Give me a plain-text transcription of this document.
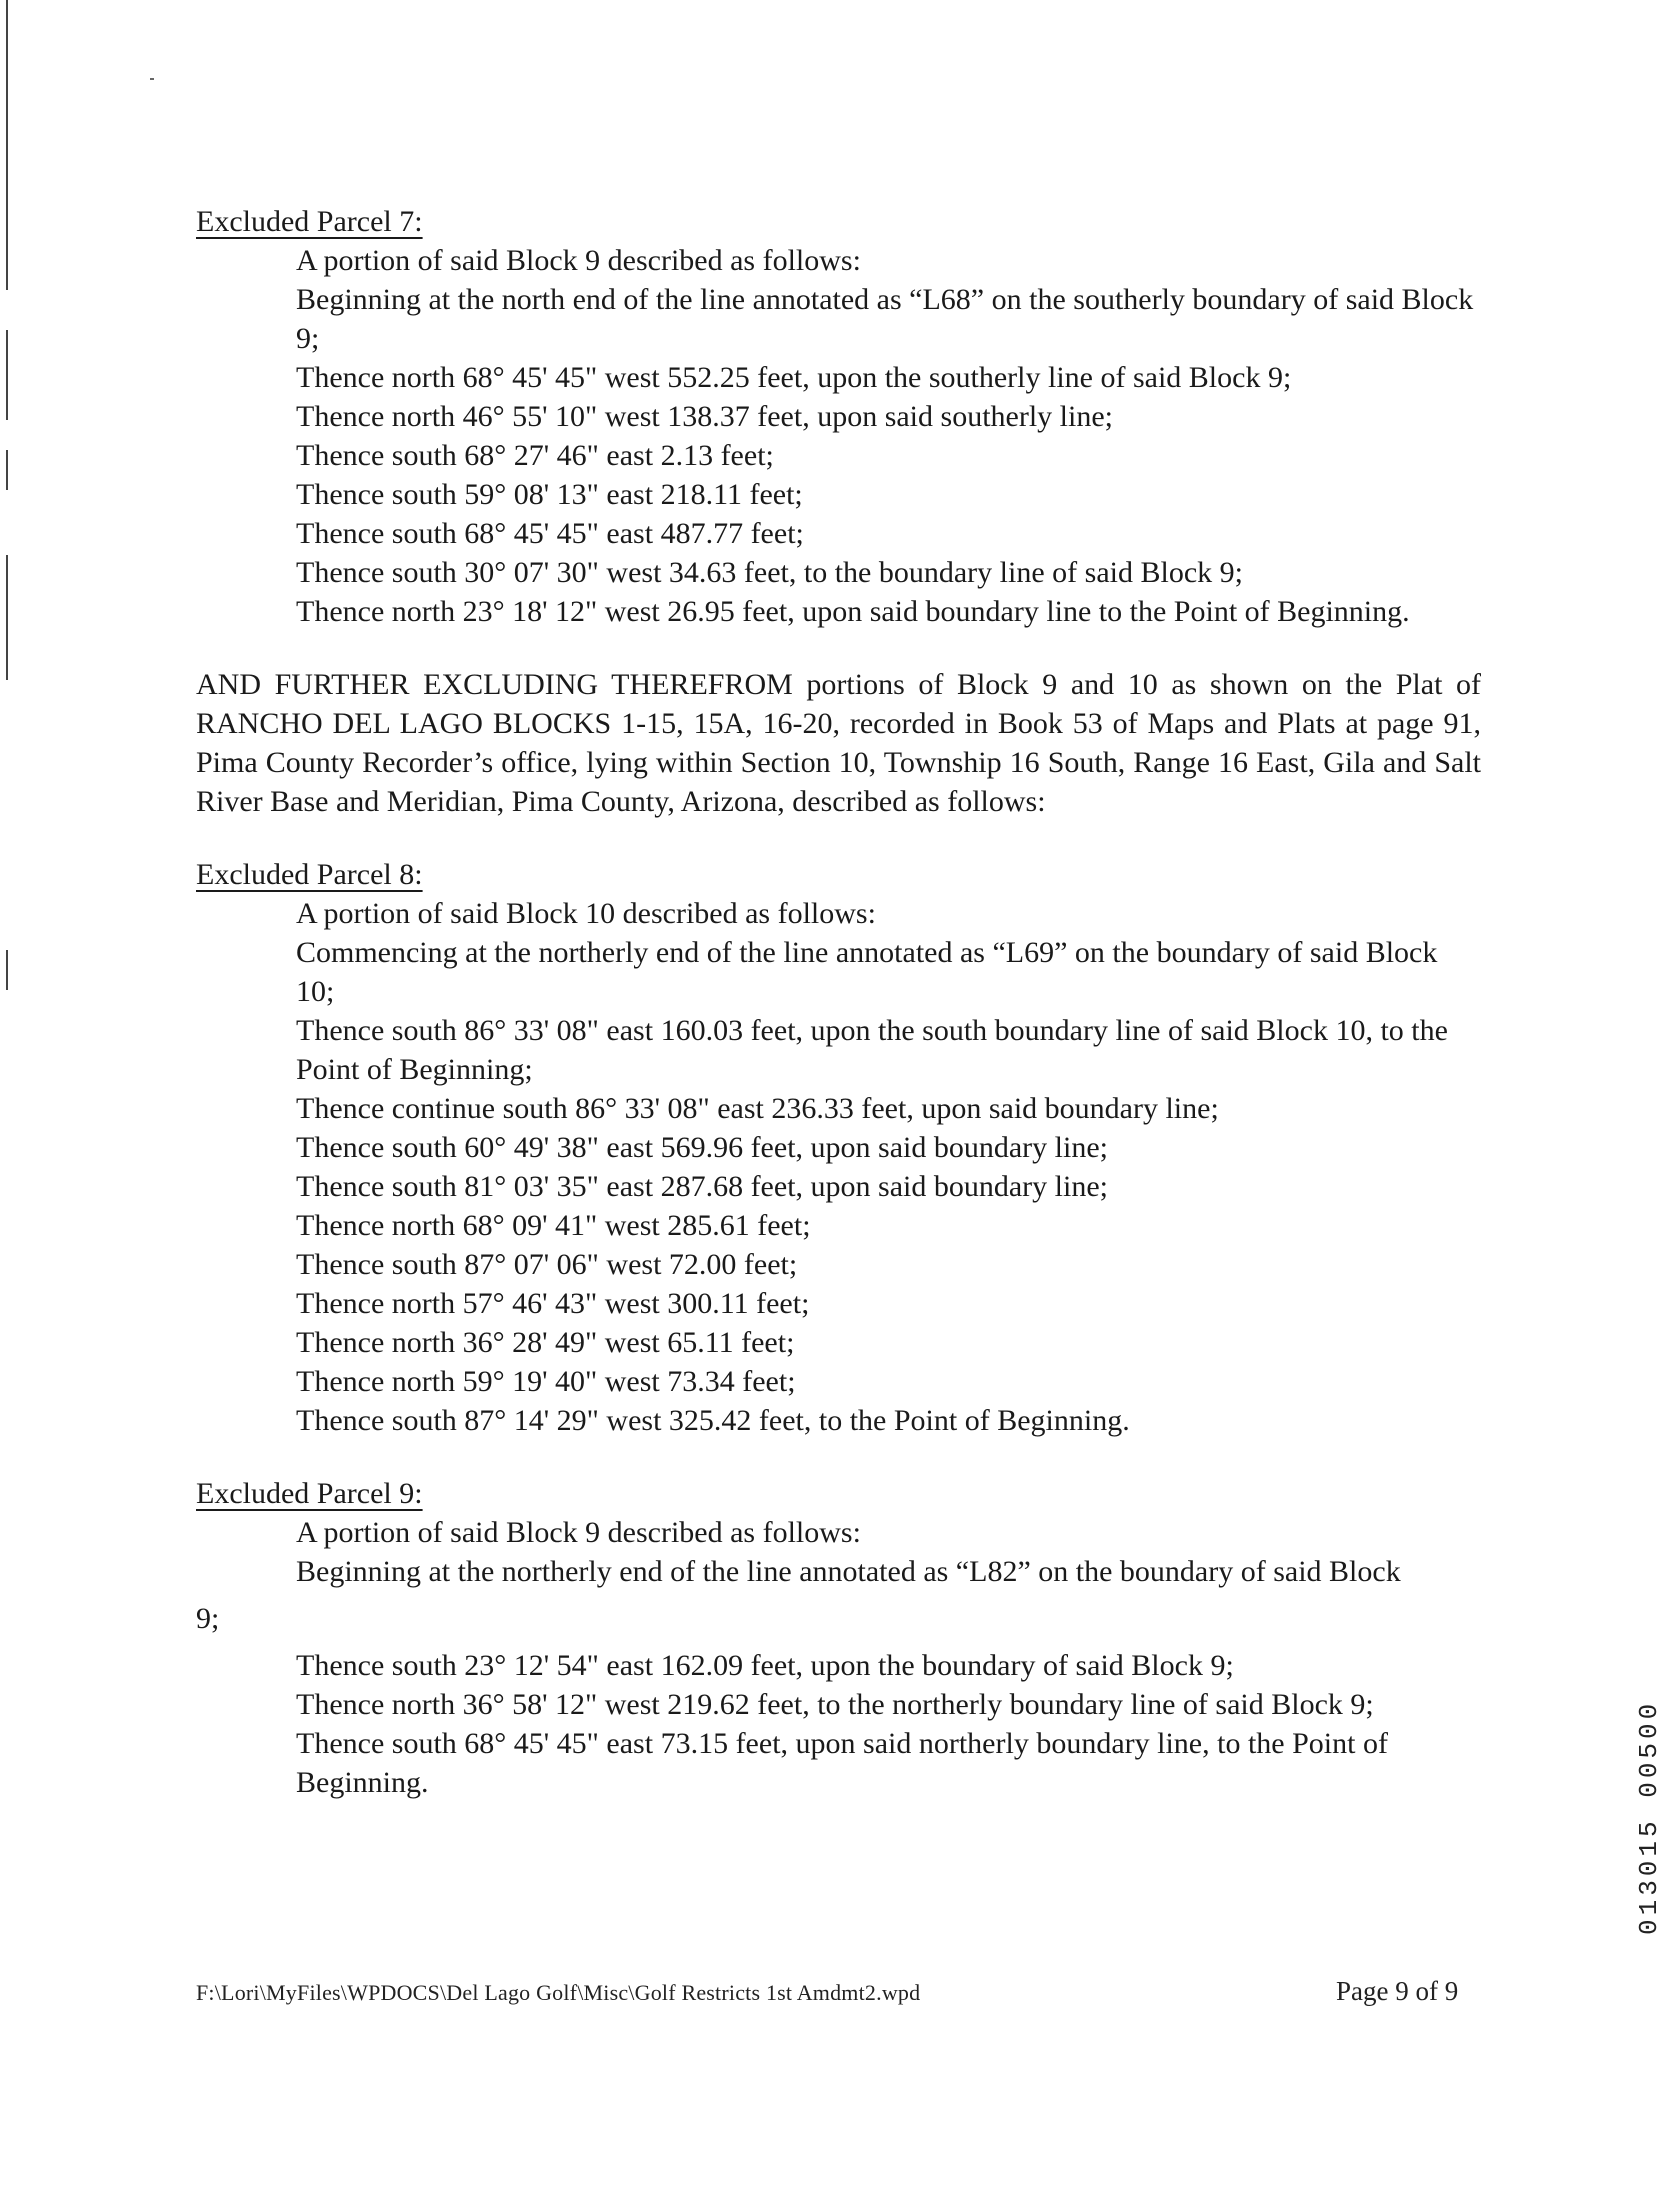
Excluded Parcel 7:

A portion of said Block 9 described as follows:

Beginning at the north end of the line annotated as “L68” on the southerly boundary of said Block 9;

Thence north 68° 45' 45" west 552.25 feet, upon the southerly line of said Block 9;

Thence north 46° 55' 10" west 138.37 feet, upon said southerly line;

Thence south 68° 27' 46" east 2.13 feet;

Thence south 59° 08' 13" east 218.11 feet;

Thence south 68° 45' 45" east 487.77 feet;

Thence south 30° 07' 30" west 34.63 feet, to the boundary line of said Block 9;

Thence north 23° 18' 12" west 26.95 feet, upon said boundary line to the Point of Beginning.

AND FURTHER EXCLUDING THEREFROM portions of Block 9 and 10 as shown on the Plat of RANCHO DEL LAGO BLOCKS 1-15, 15A, 16-20, recorded in Book 53 of Maps and Plats at page 91, Pima County Recorder’s office, lying within Section 10, Township 16 South, Range 16 East, Gila and Salt River Base and Meridian, Pima County, Arizona, described as follows:

Excluded Parcel 8:

A portion of said Block 10 described as follows:

Commencing at the northerly end of the line annotated as “L69” on the boundary of said Block 10;

Thence south 86° 33' 08" east 160.03 feet, upon the south boundary line of said Block 10, to the Point of Beginning;

Thence continue south 86° 33' 08" east 236.33 feet, upon said boundary line;

Thence south 60° 49' 38" east 569.96 feet, upon said boundary line;

Thence south 81° 03' 35" east 287.68 feet, upon said boundary line;

Thence north 68° 09' 41" west 285.61 feet;

Thence south 87° 07' 06" west 72.00 feet;

Thence north 57° 46' 43" west 300.11 feet;

Thence north 36° 28' 49" west 65.11 feet;

Thence north 59° 19' 40" west 73.34 feet;

Thence south 87° 14' 29" west 325.42 feet, to the Point of Beginning.

Excluded Parcel 9:

A portion of said Block 9 described as follows:

Beginning at the northerly end of the line annotated as “L82” on the boundary of said Block

9;

Thence south 23° 12' 54" east 162.09 feet, upon the boundary of said Block 9;

Thence north 36° 58' 12" west 219.62 feet, to the northerly boundary line of said Block 9;

Thence south 68° 45' 45" east 73.15 feet, upon said northerly boundary line, to the Point of Beginning.

F:\Lori\MyFiles\WPDOCS\Del Lago Golf\Misc\Golf Restricts 1st Amdmt2.wpd	Page 9 of 9
013015 00500
